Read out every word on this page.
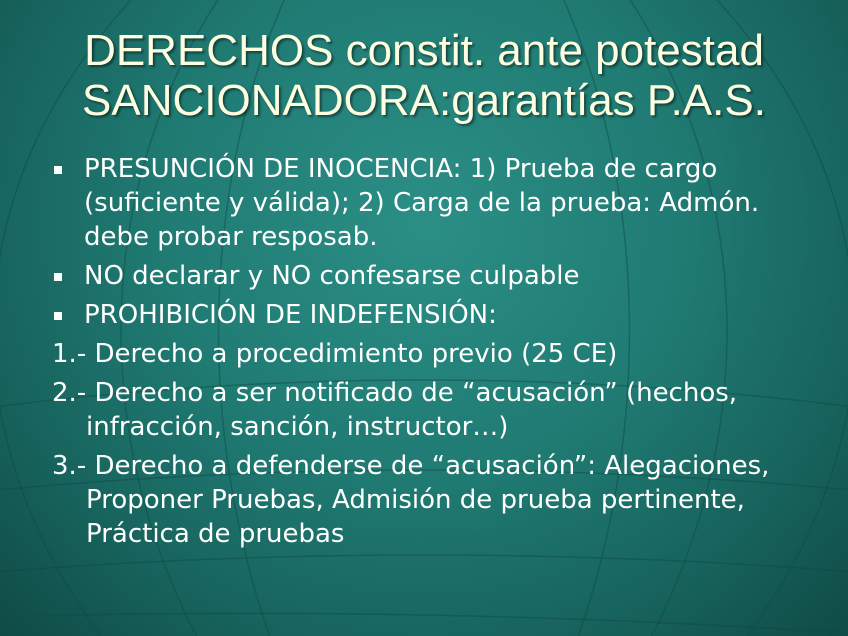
DERECHOS constit. ante potestad
SANCIONADORA:garantías P.A.S.
PRESUNCIÓN DE INOCENCIA: 1) Prueba de cargo (suficiente y válida); 2) Carga de la prueba: Admón. debe probar resposab.
NO declarar y NO confesarse culpable
PROHIBICIÓN DE INDEFENSIÓN:
1.- Derecho a procedimiento previo (25 CE)
2.- Derecho a ser notificado de “acusación” (hechos, infracción, sanción, instructor…)
3.- Derecho a defenderse de “acusación”: Alegaciones, Proponer Pruebas, Admisión de prueba pertinente, Práctica de pruebas
